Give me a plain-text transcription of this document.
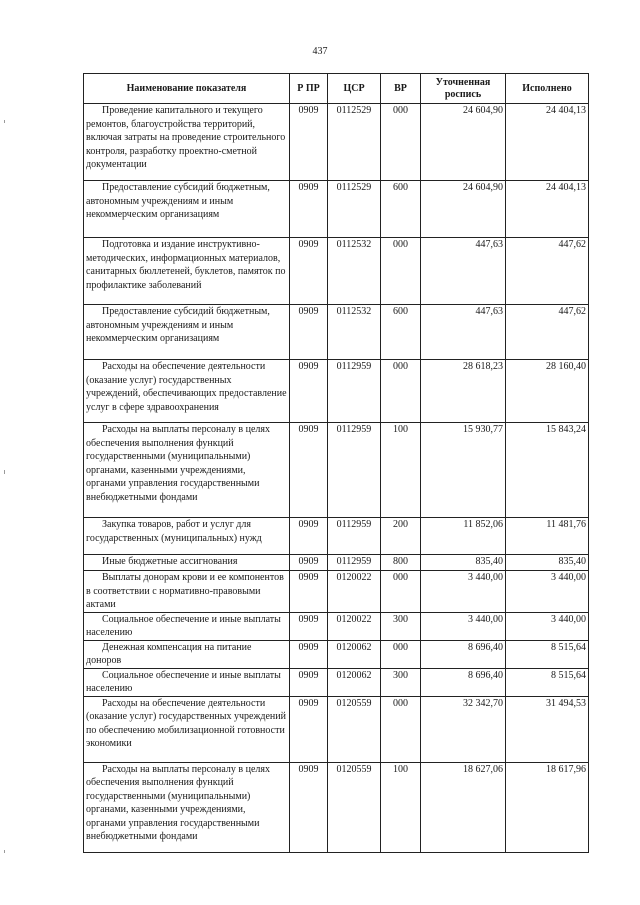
437
Наименование показателя	Р ПР	ЦСР	ВР	Уточненная роспись	Исполнено
Проведение капитального и текущего ремонтов, благоустройства территорий, включая затраты на проведение строительного контроля, разработку проектно-сметной документации	0909	0112529	000	24 604,90	24 404,13
Предоставление субсидий бюджетным, автономным учреждениям и иным некоммерческим организациям	0909	0112529	600	24 604,90	24 404,13
Подготовка и издание инструктивно-методических, информационных материалов, санитарных бюллетеней, буклетов, памяток по профилактике заболеваний	0909	0112532	000	447,63	447,62
Предоставление субсидий бюджетным, автономным учреждениям и иным некоммерческим организациям	0909	0112532	600	447,63	447,62
Расходы на обеспечение деятельности (оказание услуг) государственных учреждений, обеспечивающих предоставление услуг в сфере здравоохранения	0909	0112959	000	28 618,23	28 160,40
Расходы на выплаты персоналу в целях обеспечения выполнения функций государственными (муниципальными) органами, казенными учреждениями, органами управления государственными внебюджетными фондами	0909	0112959	100	15 930,77	15 843,24
Закупка товаров, работ и услуг для государственных (муниципальных) нужд	0909	0112959	200	11 852,06	11 481,76
Иные бюджетные ассигнования	0909	0112959	800	835,40	835,40
Выплаты донорам крови и ее компонентов в соответствии с нормативно-правовыми актами	0909	0120022	000	3 440,00	3 440,00
Социальное обеспечение и иные выплаты населению	0909	0120022	300	3 440,00	3 440,00
Денежная компенсация на питание доноров	0909	0120062	000	8 696,40	8 515,64
Социальное обеспечение и иные выплаты населению	0909	0120062	300	8 696,40	8 515,64
Расходы на обеспечение деятельности (оказание услуг) государственных учреждений по обеспечению мобилизационной готовности экономики	0909	0120559	000	32 342,70	31 494,53
Расходы на выплаты персоналу в целях обеспечения выполнения функций государственными (муниципальными) органами, казенными учреждениями, органами управления государственными внебюджетными фондами	0909	0120559	100	18 627,06	18 617,96
